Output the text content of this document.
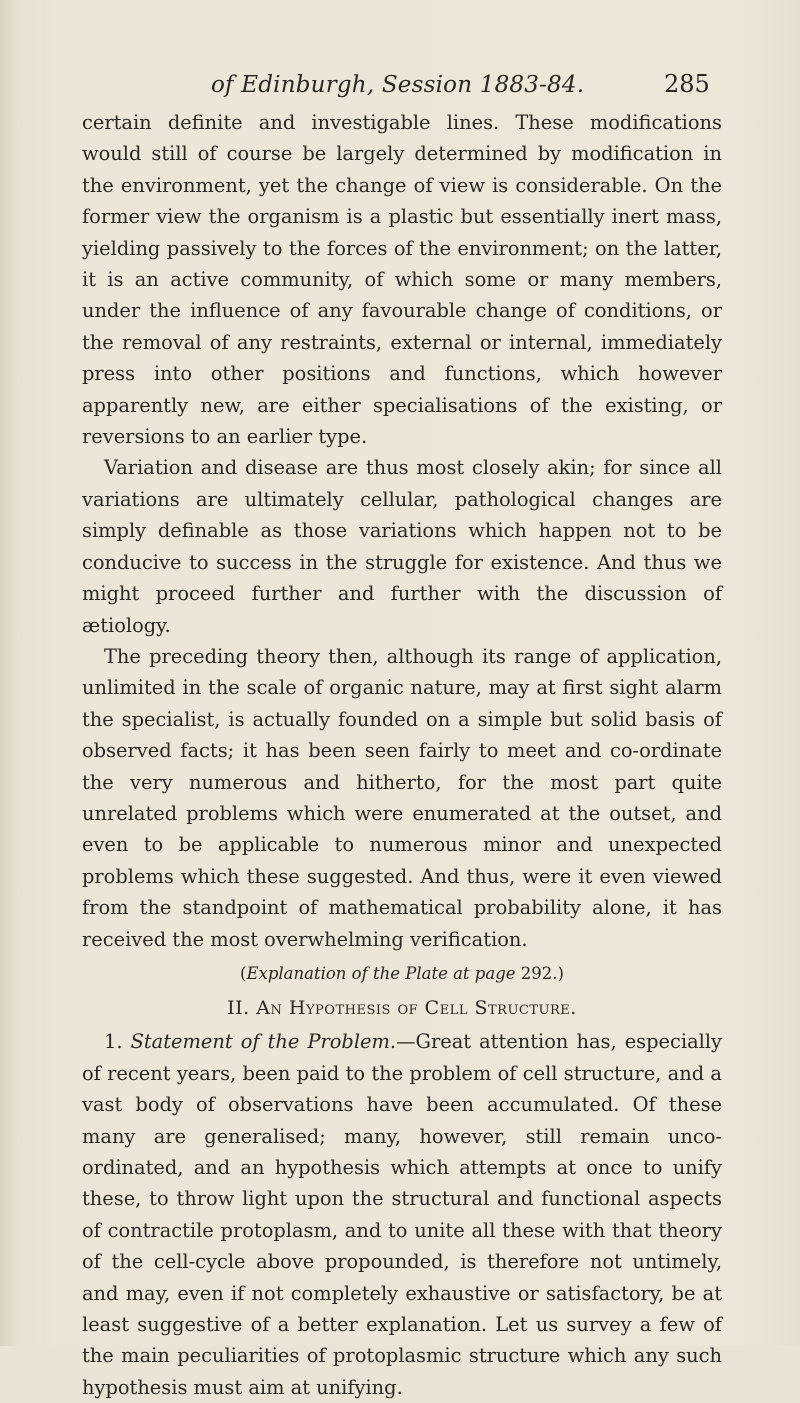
of Edinburgh, Session 1883-84.	285

certain definite and investigable lines. These modifications would still of course be largely determined by modification in the environment, yet the change of view is considerable. On the former view the organism is a plastic but essentially inert mass, yielding passively to the forces of the environment; on the latter, it is an active community, of which some or many members, under the influence of any favourable change of conditions, or the removal of any restraints, external or internal, immediately press into other positions and functions, which however apparently new, are either specialisations of the existing, or reversions to an earlier type.

Variation and disease are thus most closely akin; for since all variations are ultimately cellular, pathological changes are simply definable as those variations which happen not to be conducive to success in the struggle for existence. And thus we might proceed further and further with the discussion of ætiology.

The preceding theory then, although its range of application, unlimited in the scale of organic nature, may at first sight alarm the specialist, is actually founded on a simple but solid basis of observed facts; it has been seen fairly to meet and co-ordinate the very numerous and hitherto, for the most part quite unrelated problems which were enumerated at the outset, and even to be applicable to numerous minor and unexpected problems which these suggested. And thus, were it even viewed from the standpoint of mathematical probability alone, it has received the most overwhelming verification.

(Explanation of the Plate at page 292.)

II. An Hypothesis of Cell Structure.

1. Statement of the Problem.—Great attention has, especially of recent years, been paid to the problem of cell structure, and a vast body of observations have been accumulated. Of these many are generalised; many, however, still remain unco-ordinated, and an hypothesis which attempts at once to unify these, to throw light upon the structural and functional aspects of contractile protoplasm, and to unite all these with that theory of the cell-cycle above propounded, is therefore not untimely, and may, even if not completely exhaustive or satisfactory, be at least suggestive of a better explanation. Let us survey a few of the main peculiarities of protoplasmic structure which any such hypothesis must aim at unifying.
